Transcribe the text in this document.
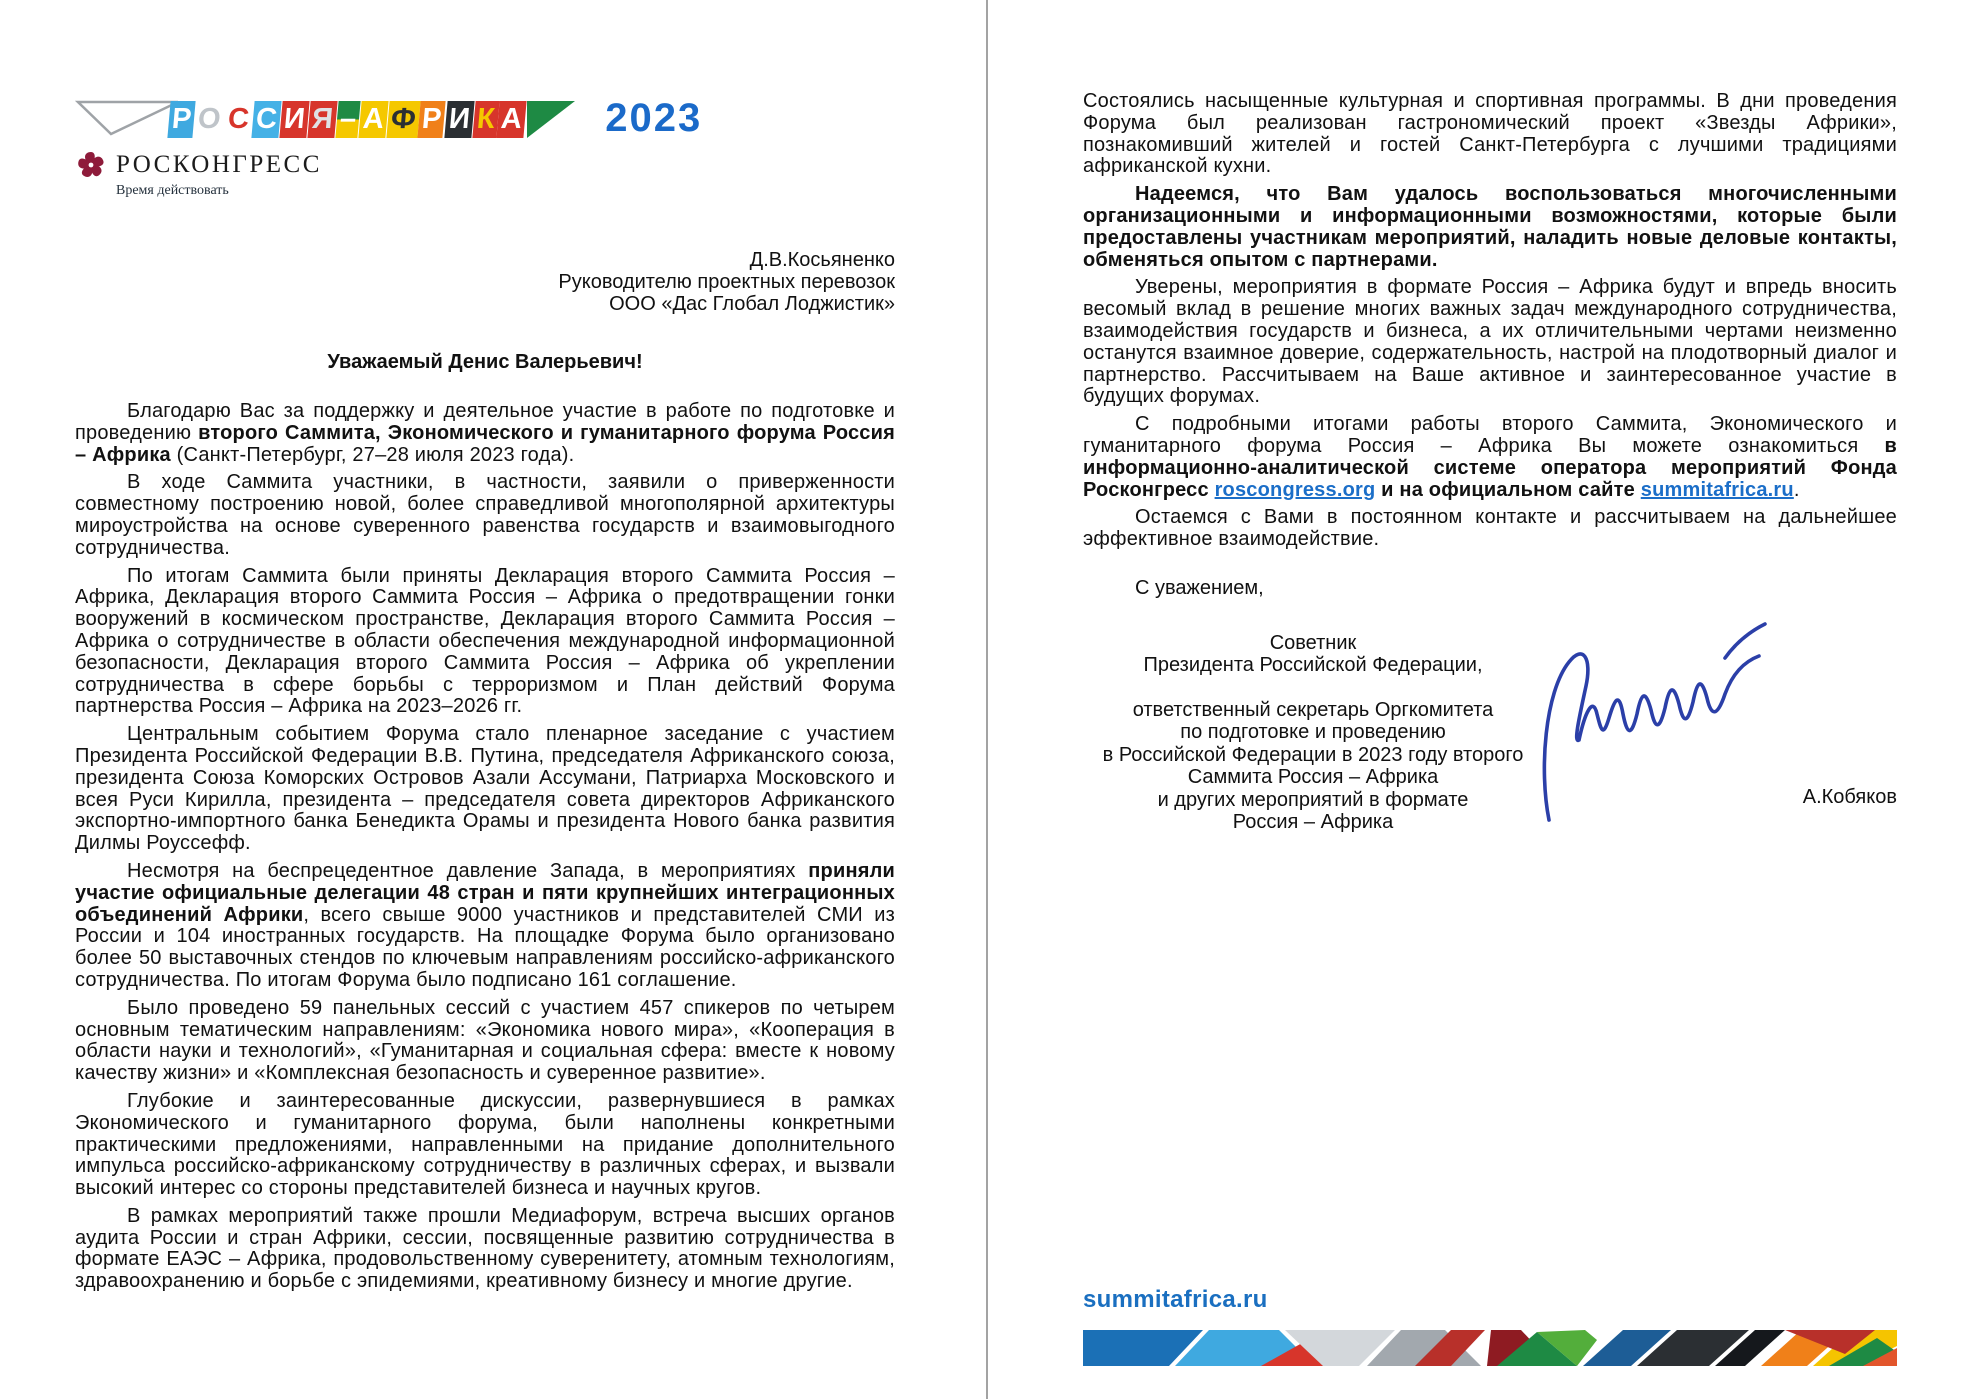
Р О С С И Я – А Ф Р И К А 2023
РОСКОНГРЕСС
Время действовать
Д.В.Косьяненко
Руководителю проектных перевозок
ООО «Дас Глобал Лоджистик»
Уважаемый Денис Валерьевич!

Благодарю Вас за поддержку и деятельное участие в работе по подготовке и проведению второго Саммита, Экономического и гуманитарного форума Россия – Африка (Санкт-Петербург, 27–28 июля 2023 года).

В ходе Саммита участники, в частности, заявили о приверженности совместному построению новой, более справедливой многополярной архитектуры мироустройства на основе суверенного равенства государств и взаимовыгодного сотрудничества.

По итогам Саммита были приняты Декларация второго Саммита Россия – Африка, Декларация второго Саммита Россия – Африка о предотвращении гонки вооружений в космическом пространстве, Декларация второго Саммита Россия – Африка о сотрудничестве в области обеспечения международной информационной безопасности, Декларация второго Саммита Россия – Африка об укреплении сотрудничества в сфере борьбы с терроризмом и План действий Форума партнерства Россия – Африка на 2023–2026 гг.

Центральным событием Форума стало пленарное заседание с участием Президента Российской Федерации В.В. Путина, председателя Африканского союза, президента Союза Коморских Островов Азали Ассумани, Патриарха Московского и всея Руси Кирилла, президента – председателя совета директоров Африканского экспортно-импортного банка Бенедикта Орамы и президента Нового банка развития Дилмы Роуссефф.

Несмотря на беспрецедентное давление Запада, в мероприятиях приняли участие официальные делегации 48 стран и пяти крупнейших интеграционных объединений Африки, всего свыше 9000 участников и представителей СМИ из России и 104 иностранных государств. На площадке Форума было организовано более 50 выставочных стендов по ключевым направлениям российско-африканского сотрудничества. По итогам Форума было подписано 161 соглашение.

Было проведено 59 панельных сессий с участием 457 спикеров по четырем основным тематическим направлениям: «Экономика нового мира», «Кооперация в области науки и технологий», «Гуманитарная и социальная сфера: вместе к новому качеству жизни» и «Комплексная безопасность и суверенное развитие».

Глубокие и заинтересованные дискуссии, развернувшиеся в рамках Экономического и гуманитарного форума, были наполнены конкретными практическими предложениями, направленными на придание дополнительного импульса российско-африканскому сотрудничеству в различных сферах, и вызвали высокий интерес со стороны представителей бизнеса и научных кругов.

В рамках мероприятий также прошли Медиафорум, встреча высших органов аудита России и стран Африки, сессии, посвященные развитию сотрудничества в формате ЕАЭС – Африка, продовольственному суверенитету, атомным технологиям, здравоохранению и борьбе с эпидемиями, креативному бизнесу и многие другие.

Состоялись насыщенные культурная и спортивная программы. В дни проведения Форума был реализован гастрономический проект «Звезды Африки», познакомивший жителей и гостей Санкт-Петербурга с лучшими традициями африканской кухни.

Надеемся, что Вам удалось воспользоваться многочисленными организационными и информационными возможностями, которые были предоставлены участникам мероприятий, наладить новые деловые контакты, обменяться опытом с партнерами.

Уверены, мероприятия в формате Россия – Африка будут и впредь вносить весомый вклад в решение многих важных задач международного сотрудничества, взаимодействия государств и бизнеса, а их отличительными чертами неизменно останутся взаимное доверие, содержательность, настрой на плодотворный диалог и партнерство. Рассчитываем на Ваше активное и заинтересованное участие в будущих форумах.

С подробными итогами работы второго Саммита, Экономического и гуманитарного форума Россия – Африка Вы можете ознакомиться в информационно-аналитической системе оператора мероприятий Фонда Росконгресс roscongress.org и на официальном сайте summitafrica.ru.

Остаемся с Вами в постоянном контакте и рассчитываем на дальнейшее эффективное взаимодействие.

С уважением,
Советник
Президента Российской Федерации,
ответственный секретарь Оргкомитета
по подготовке и проведению
в Российской Федерации в 2023 году второго
Саммита Россия – Африка
и других мероприятий в формате
Россия – Африка
А.Кобяков
summitafrica.ru
